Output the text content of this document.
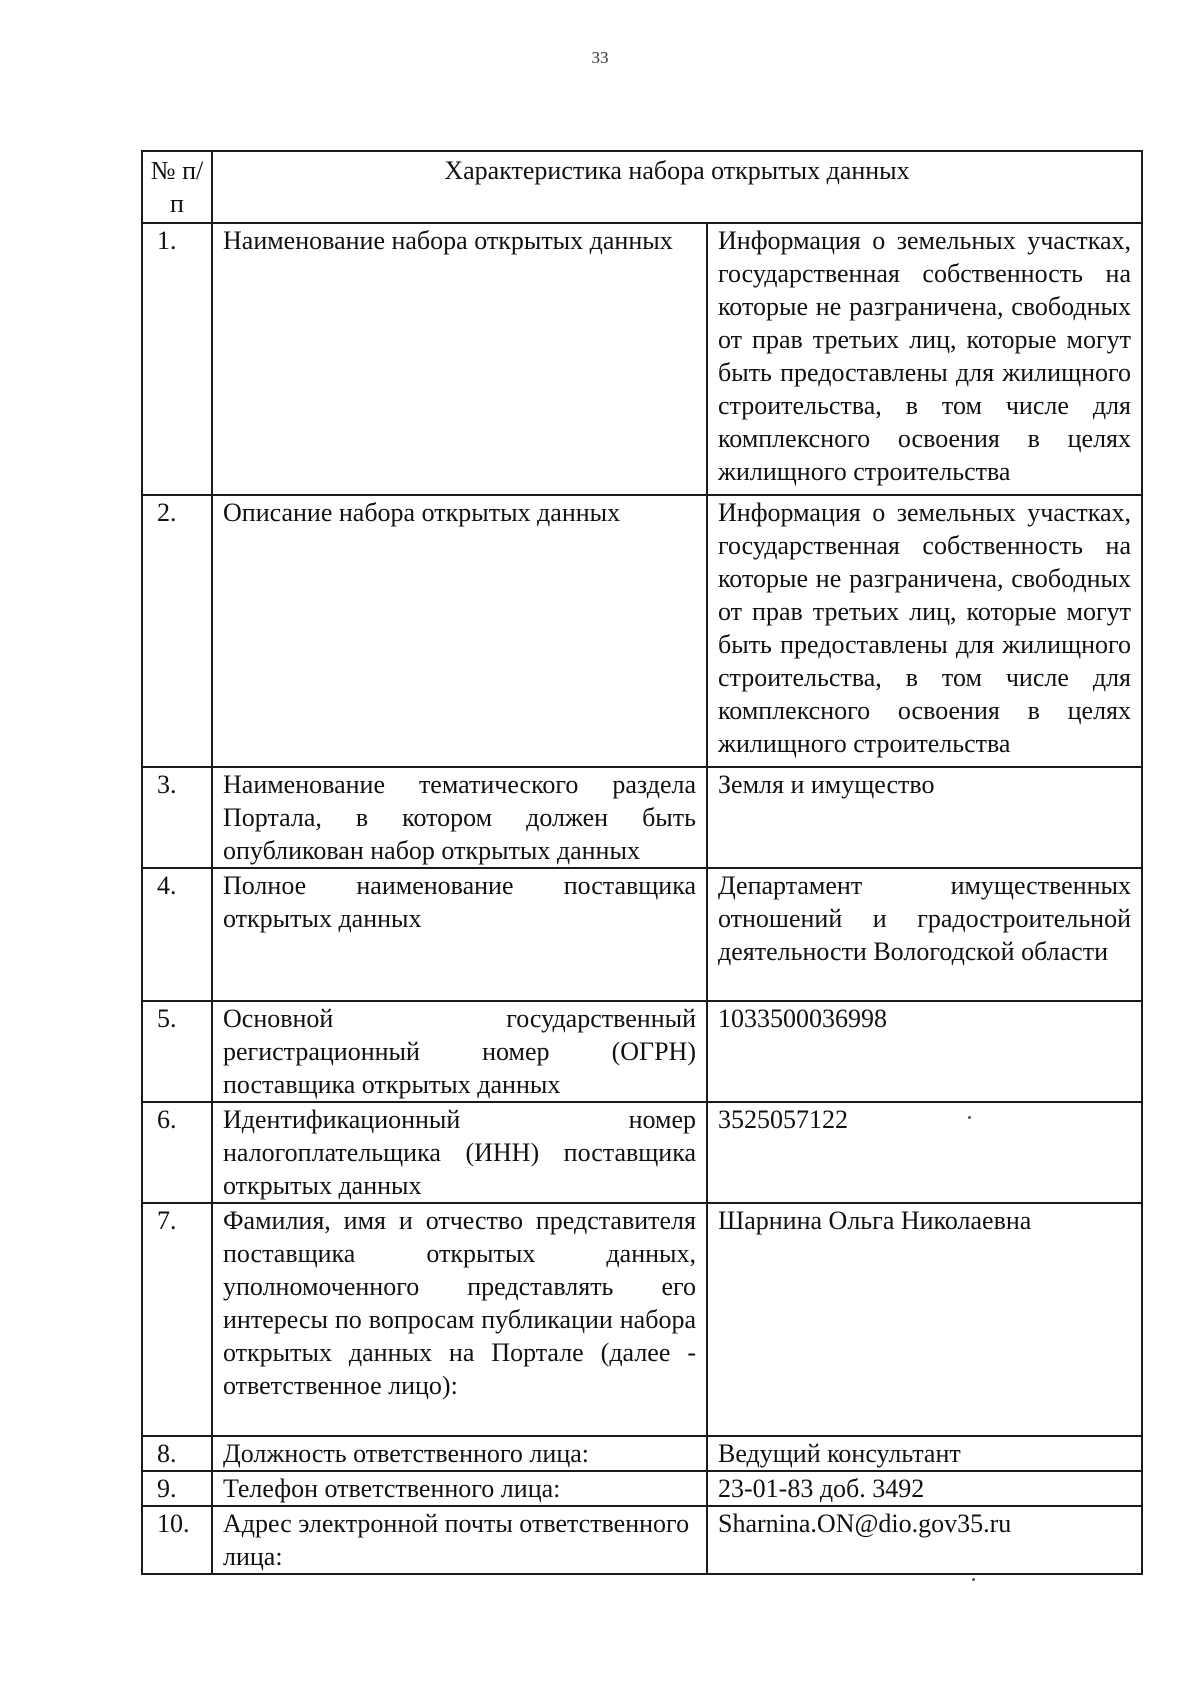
33
№ п/п	Характеристика набора открытых данных	
1.	Наименование набора открытых данных	Информация о земельных участках, государственная собственность на которые не разграничена, свободных от прав третьих лиц, которые могут быть предоставлены для жилищного строительства, в том числе для комплексного освоения в целях жилищного строительства
2.	Описание набора открытых данных	Информация о земельных участках, государственная собственность на которые не разграничена, свободных от прав третьих лиц, которые могут быть предоставлены для жилищного строительства, в том числе для комплексного освоения в целях жилищного строительства
3.	Наименование тематического раздела Портала, в котором должен быть опубликован набор открытых данных	Земля и имущество
4.	Полное наименование поставщика открытых данных	Департамент имущественных отношений и градостроительной деятельности Вологодской области
5.	Основной государственный регистрационный номер (ОГРН) поставщика открытых данных	1033500036998
6.	Идентификационный номер налогоплательщика (ИНН) поставщика открытых данных	3525057122
7.	Фамилия, имя и отчество представителя поставщика открытых данных, уполномоченного представлять его интересы по вопросам публикации набора открытых данных на Портале (далее - ответственное лицо):	Шарнина Ольга Николаевна
8.	Должность ответственного лица:	Ведущий консультант
9.	Телефон ответственного лица:	23-01-83 доб. 3492
10.	Адрес электронной почты ответственного лица:	Sharnina.ON@dio.gov35.ru
